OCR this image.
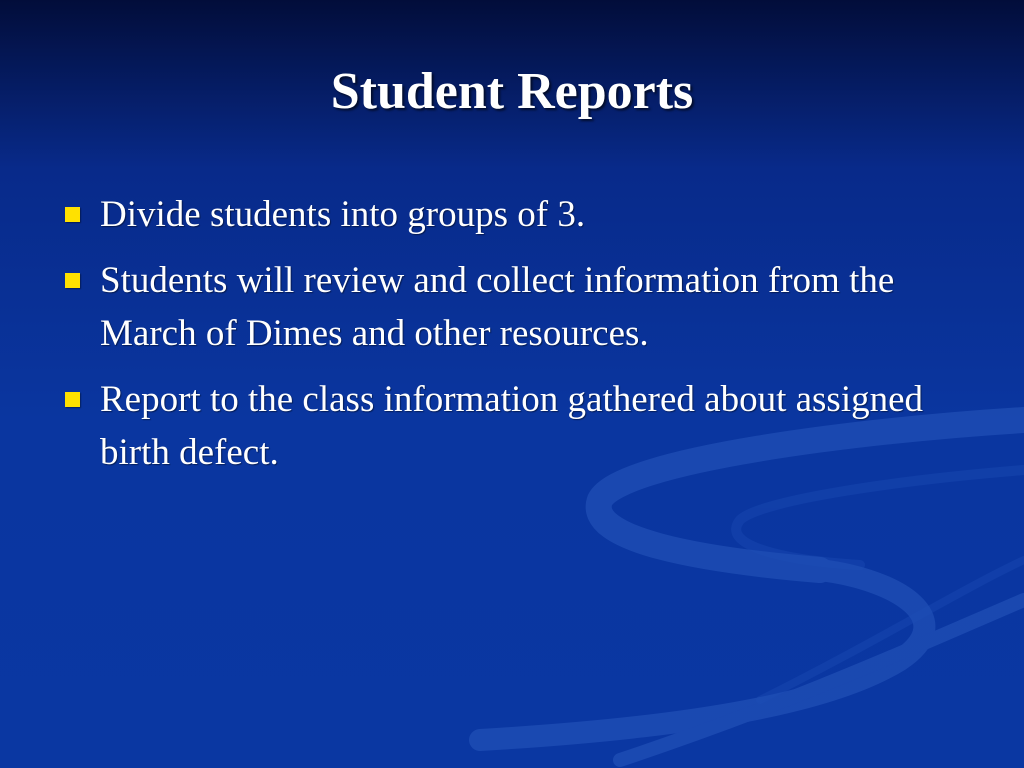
Student Reports
Divide students into groups of 3.
Students will review and collect information from the March of Dimes and other resources.
Report to the class information gathered about assigned birth defect.
